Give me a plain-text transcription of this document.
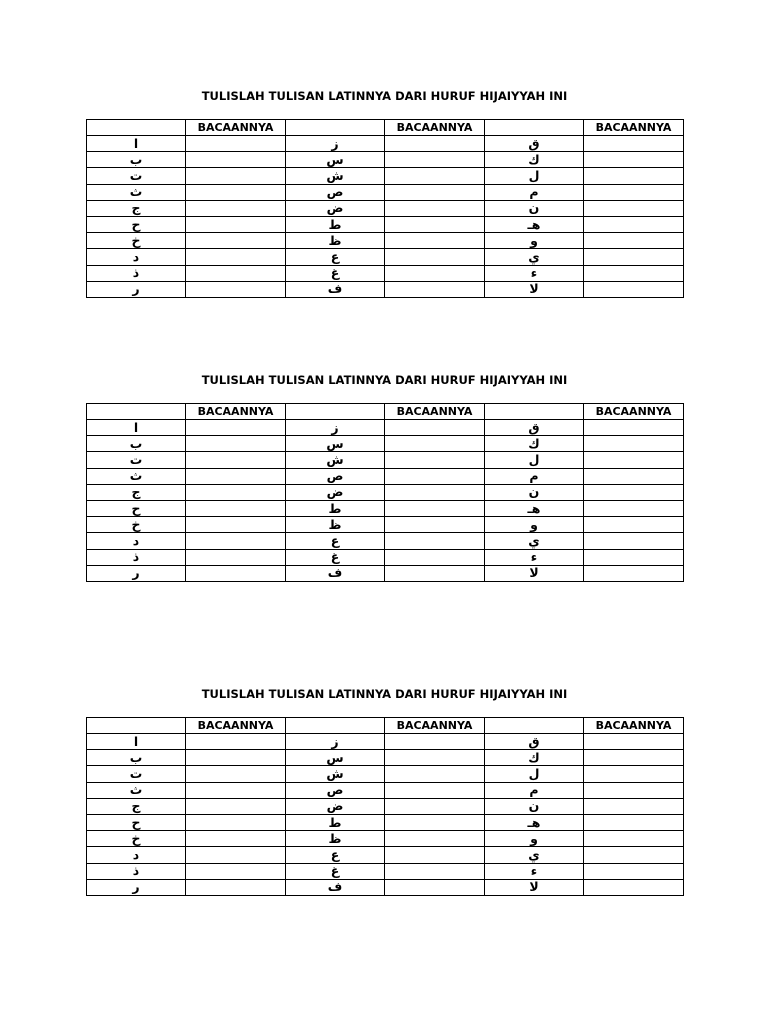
TULISLAH TULISAN LATINNYA DARI HURUF HIJAIYYAH INI
	BACAANNYA		BACAANNYA		BACAANNYA
ا		ز		ق	
ب		س		ك	
ت		ش		ل	
ث		ص		م	
ج		ض		ن	
ح		ط		هـ	
خ		ظ		و	
د		ع		ي	
ذ		غ		ء	
ر		ف		لا	
TULISLAH TULISAN LATINNYA DARI HURUF HIJAIYYAH INI
	BACAANNYA		BACAANNYA		BACAANNYA
ا		ز		ق	
ب		س		ك	
ت		ش		ل	
ث		ص		م	
ج		ض		ن	
ح		ط		هـ	
خ		ظ		و	
د		ع		ي	
ذ		غ		ء	
ر		ف		لا	
TULISLAH TULISAN LATINNYA DARI HURUF HIJAIYYAH INI
	BACAANNYA		BACAANNYA		BACAANNYA
ا		ز		ق	
ب		س		ك	
ت		ش		ل	
ث		ص		م	
ج		ض		ن	
ح		ط		هـ	
خ		ظ		و	
د		ع		ي	
ذ		غ		ء	
ر		ف		لا	
